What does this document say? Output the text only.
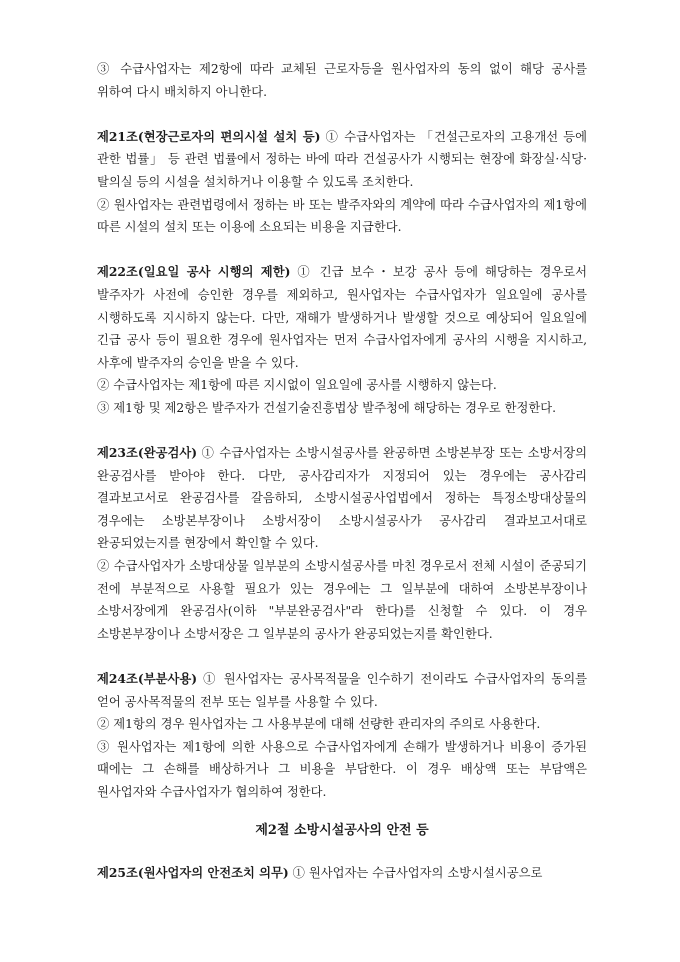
③ 수급사업자는 제2항에 따라 교체된 근로자등을 원사업자의 동의 없이 해당 공사를 위하여 다시 배치하지 아니한다.
제21조(현장근로자의 편의시설 설치 등) ① 수급사업자는 「건설근로자의 고용개선 등에 관한 법률」 등 관련 법률에서 정하는 바에 따라 건설공사가 시행되는 현장에 화장실·식당·탈의실 등의 시설을 설치하거나 이용할 수 있도록 조치한다.
② 원사업자는 관련법령에서 정하는 바 또는 발주자와의 계약에 따라 수급사업자의 제1항에 따른 시설의 설치 또는 이용에 소요되는 비용을 지급한다.
제22조(일요일 공사 시행의 제한) ① 긴급 보수・보강 공사 등에 해당하는 경우로서 발주자가 사전에 승인한 경우를 제외하고, 원사업자는 수급사업자가 일요일에 공사를 시행하도록 지시하지 않는다. 다만, 재해가 발생하거나 발생할 것으로 예상되어 일요일에 긴급 공사 등이 필요한 경우에 원사업자는 먼저 수급사업자에게 공사의 시행을 지시하고, 사후에 발주자의 승인을 받을 수 있다.
② 수급사업자는 제1항에 따른 지시없이 일요일에 공사를 시행하지 않는다.
③ 제1항 및 제2항은 발주자가 건설기술진흥법상 발주청에 해당하는 경우로 한정한다.
제23조(완공검사) ① 수급사업자는 소방시설공사를 완공하면 소방본부장 또는 소방서장의 완공검사를 받아야 한다. 다만, 공사감리자가 지정되어 있는 경우에는 공사감리 결과보고서로 완공검사를 갈음하되, 소방시설공사업법에서 정하는 특정소방대상물의 경우에는 소방본부장이나 소방서장이 소방시설공사가 공사감리 결과보고서대로 완공되었는지를 현장에서 확인할 수 있다.
② 수급사업자가 소방대상물 일부분의 소방시설공사를 마친 경우로서 전체 시설이 준공되기 전에 부분적으로 사용할 필요가 있는 경우에는 그 일부분에 대하여 소방본부장이나 소방서장에게 완공검사(이하 "부분완공검사"라 한다)를 신청할 수 있다. 이 경우 소방본부장이나 소방서장은 그 일부분의 공사가 완공되었는지를 확인한다.
제24조(부분사용) ① 원사업자는 공사목적물을 인수하기 전이라도 수급사업자의 동의를 얻어 공사목적물의 전부 또는 일부를 사용할 수 있다.
② 제1항의 경우 원사업자는 그 사용부분에 대해 선량한 관리자의 주의로 사용한다.
③ 원사업자는 제1항에 의한 사용으로 수급사업자에게 손해가 발생하거나 비용이 증가된 때에는 그 손해를 배상하거나 그 비용을 부담한다. 이 경우 배상액 또는 부담액은 원사업자와 수급사업자가 협의하여 정한다.
제2절 소방시설공사의 안전 등
제25조(원사업자의 안전조치 의무) ① 원사업자는 수급사업자의 소방시설시공으로
